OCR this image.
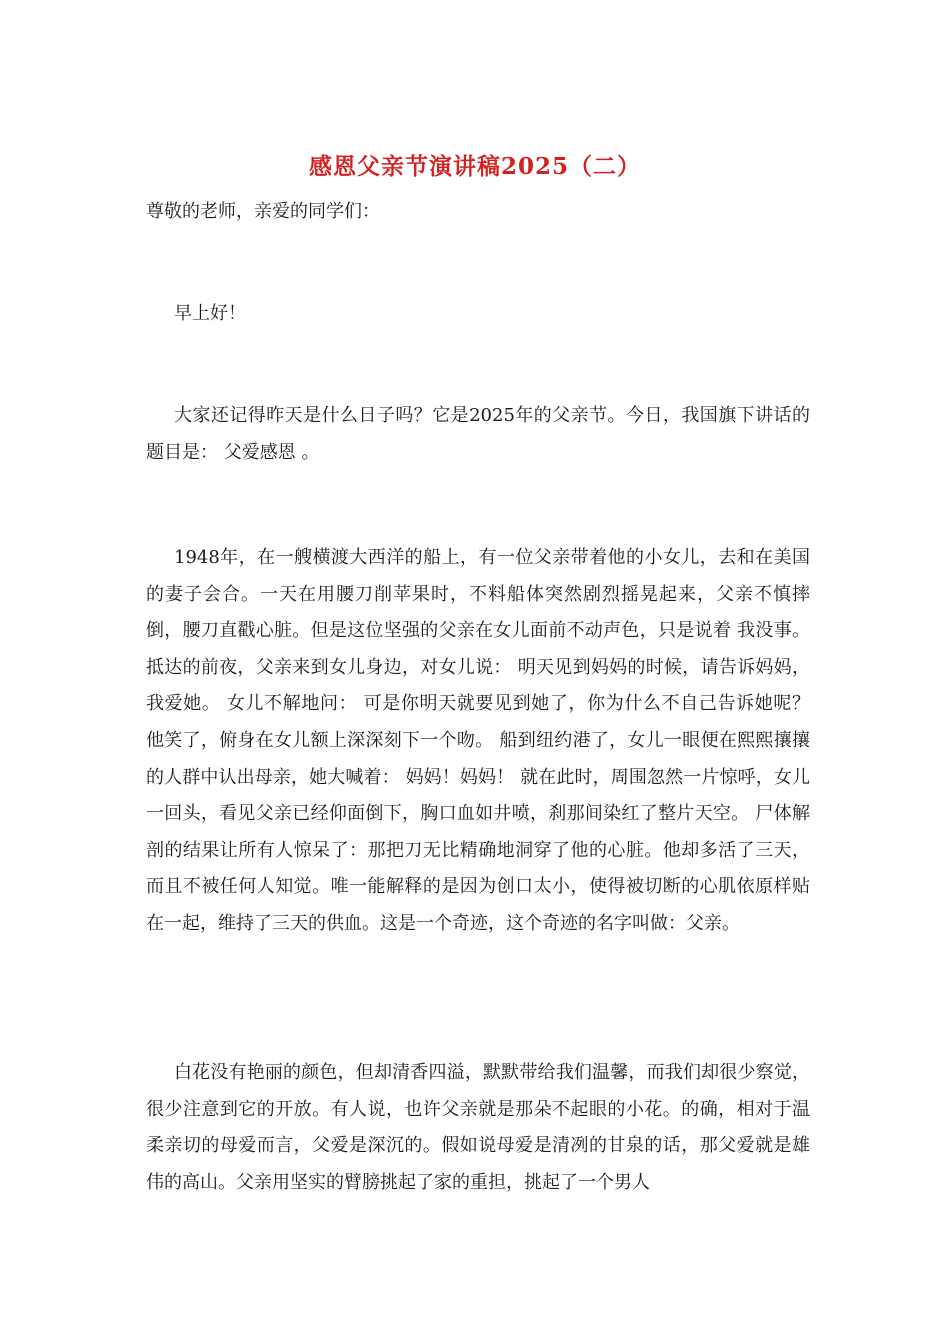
感恩父亲节演讲稿2025（二）
尊敬的老师，亲爱的同学们：

早上好！

大家还记得昨天是什么日子吗？它是2025年的父亲节。今日，我国旗下讲话的题目是： 父爱感恩 。

1948年，在一艘横渡大西洋的船上，有一位父亲带着他的小女儿，去和在美国的妻子会合。一天在用腰刀削苹果时，不料船体突然剧烈摇晃起来，父亲不慎摔倒，腰刀直戳心脏。但是这位坚强的父亲在女儿面前不动声色，只是说着 我没事。 抵达的前夜，父亲来到女儿身边，对女儿说： 明天见到妈妈的时候，请告诉妈妈，我爱她。 女儿不解地问： 可是你明天就要见到她了，你为什么不自己告诉她呢？ 他笑了，俯身在女儿额上深深刻下一个吻。 船到纽约港了，女儿一眼便在熙熙攘攘的人群中认出母亲，她大喊着： 妈妈！妈妈！ 就在此时，周围忽然一片惊呼，女儿一回头，看见父亲已经仰面倒下，胸口血如井喷，刹那间染红了整片天空。 尸体解剖的结果让所有人惊呆了：那把刀无比精确地洞穿了他的心脏。他却多活了三天，而且不被任何人知觉。唯一能解释的是因为创口太小，使得被切断的心肌依原样贴在一起，维持了三天的供血。这是一个奇迹，这个奇迹的名字叫做：父亲。

白花没有艳丽的颜色，但却清香四溢，默默带给我们温馨，而我们却很少察觉，很少注意到它的开放。有人说，也许父亲就是那朵不起眼的小花。的确，相对于温柔亲切的母爱而言，父爱是深沉的。假如说母爱是清冽的甘泉的话，那父爱就是雄伟的高山。父亲用坚实的臂膀挑起了家的重担，挑起了一个男人
